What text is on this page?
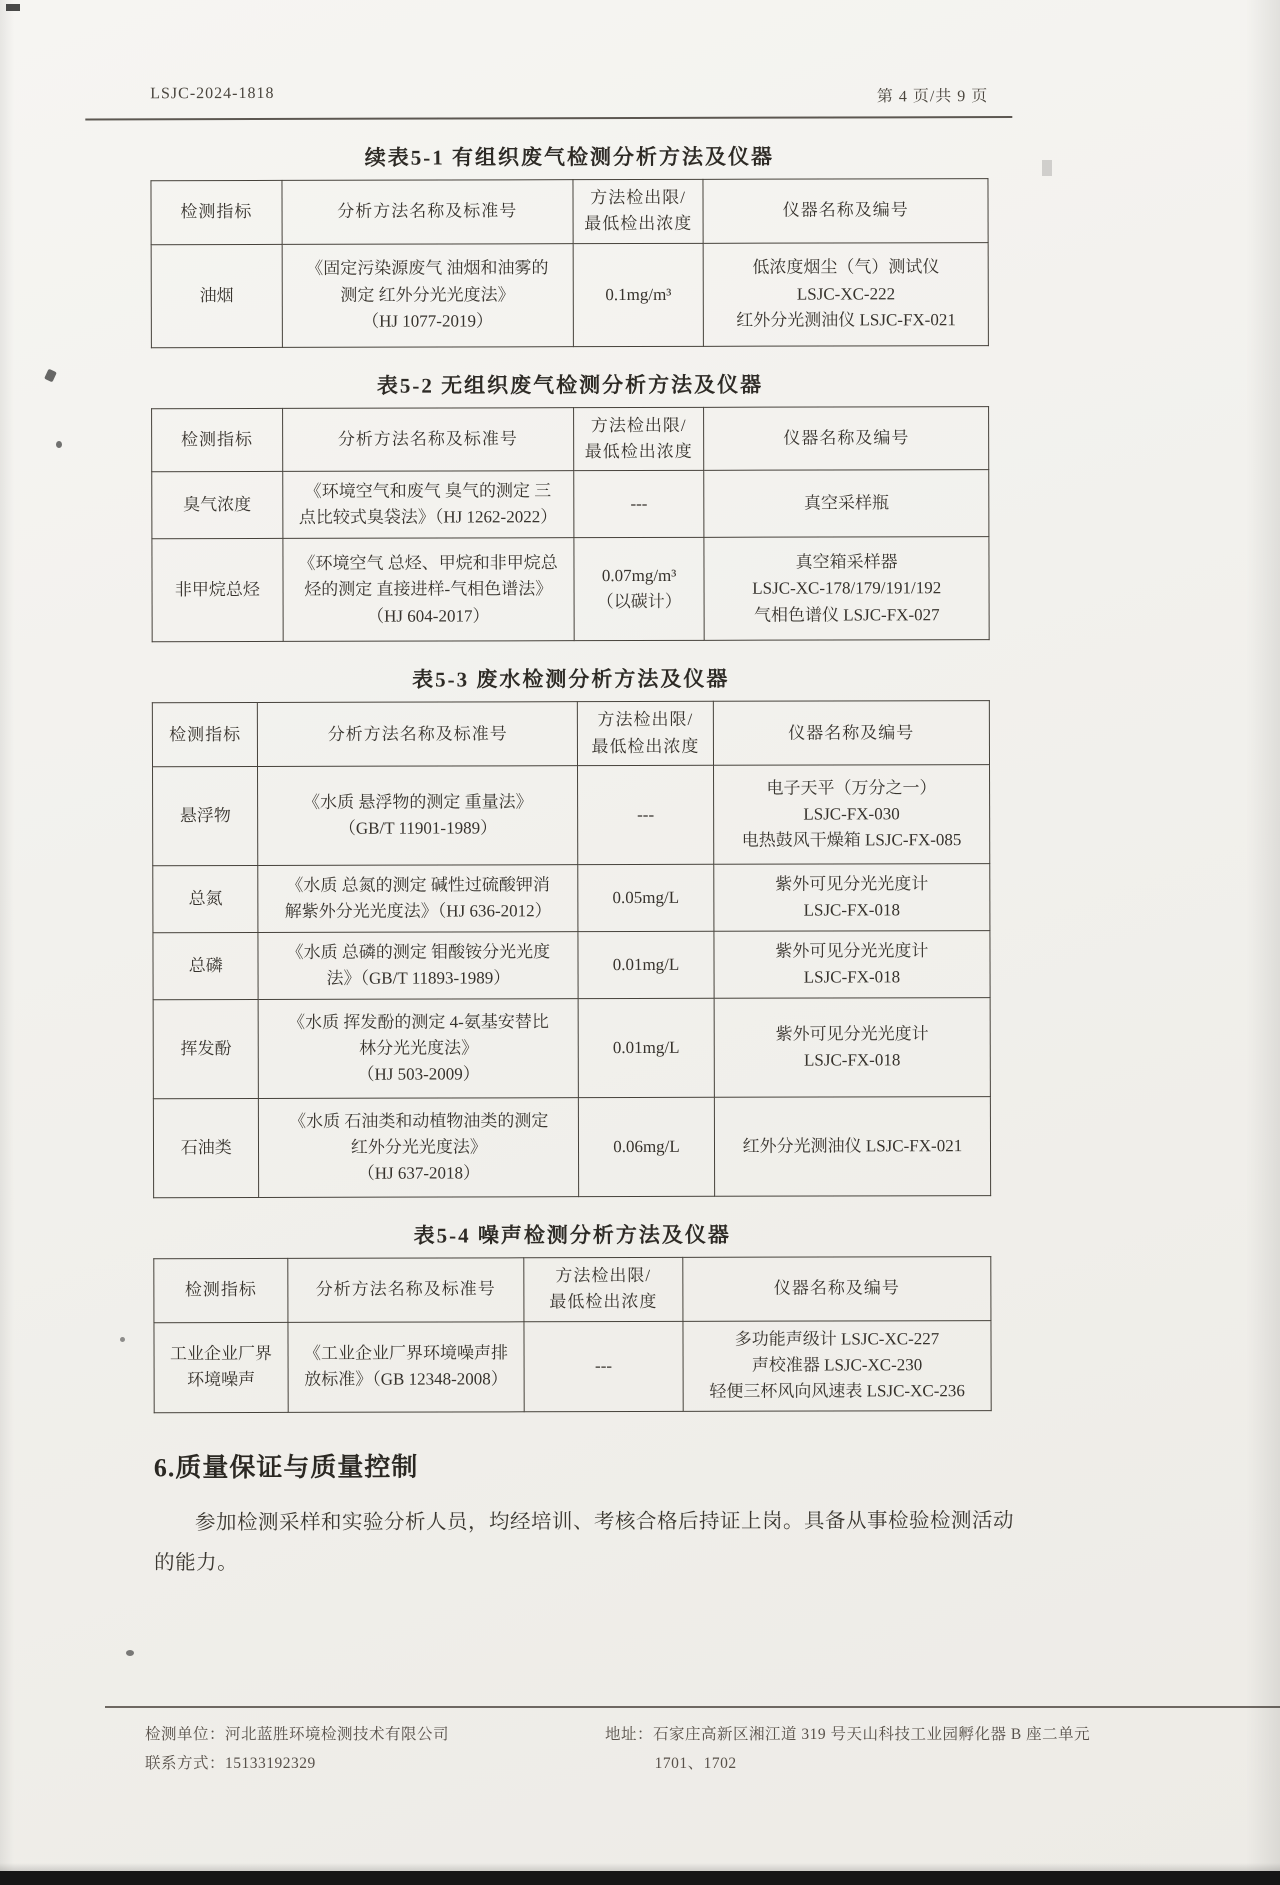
LSJC-2024-1818	第 4 页/共 9 页
续表5-1 有组织废气检测分析方法及仪器
检测指标	分析方法名称及标准号	方法检出限/
最低检出浓度	仪器名称及编号
油烟	《固定污染源废气 油烟和油雾的
测定 红外分光光度法》
（HJ 1077-2019）	0.1mg/m³	低浓度烟尘（气）测试仪
LSJC-XC-222
红外分光测油仪 LSJC-FX-021
表5-2 无组织废气检测分析方法及仪器
检测指标	分析方法名称及标准号	方法检出限/
最低检出浓度	仪器名称及编号
臭气浓度	《环境空气和废气 臭气的测定 三
点比较式臭袋法》（HJ 1262-2022）	---	真空采样瓶
非甲烷总烃	《环境空气 总烃、甲烷和非甲烷总
烃的测定 直接进样-气相色谱法》
（HJ 604-2017）	0.07mg/m³
（以碳计）	真空箱采样器
LSJC-XC-178/179/191/192
气相色谱仪 LSJC-FX-027
表5-3 废水检测分析方法及仪器
检测指标	分析方法名称及标准号	方法检出限/
最低检出浓度	仪器名称及编号
悬浮物	《水质 悬浮物的测定 重量法》
（GB/T 11901-1989）	---	电子天平（万分之一）
LSJC-FX-030
电热鼓风干燥箱 LSJC-FX-085
总氮	《水质 总氮的测定 碱性过硫酸钾消
解紫外分光光度法》（HJ 636-2012）	0.05mg/L	紫外可见分光光度计
LSJC-FX-018
总磷	《水质 总磷的测定 钼酸铵分光光度
法》（GB/T 11893-1989）	0.01mg/L	紫外可见分光光度计
LSJC-FX-018
挥发酚	《水质 挥发酚的测定 4-氨基安替比
林分光光度法》
（HJ 503-2009）	0.01mg/L	紫外可见分光光度计
LSJC-FX-018
石油类	《水质 石油类和动植物油类的测定
红外分光光度法》
（HJ 637-2018）	0.06mg/L	红外分光测油仪 LSJC-FX-021
表5-4 噪声检测分析方法及仪器
检测指标	分析方法名称及标准号	方法检出限/
最低检出浓度	仪器名称及编号
工业企业厂界
环境噪声	《工业企业厂界环境噪声排
放标准》（GB 12348-2008）	---	多功能声级计 LSJC-XC-227
声校准器 LSJC-XC-230
轻便三杯风向风速表 LSJC-XC-236
6.质量保证与质量控制
参加检测采样和实验分析人员，均经培训、考核合格后持证上岗。具备从事检验检测活动的能力。
检测单位：河北蓝胜环境检测技术有限公司
联系方式：15133192329
地址：石家庄高新区湘江道 319 号天山科技工业园孵化器 B 座二单元
1701、1702
